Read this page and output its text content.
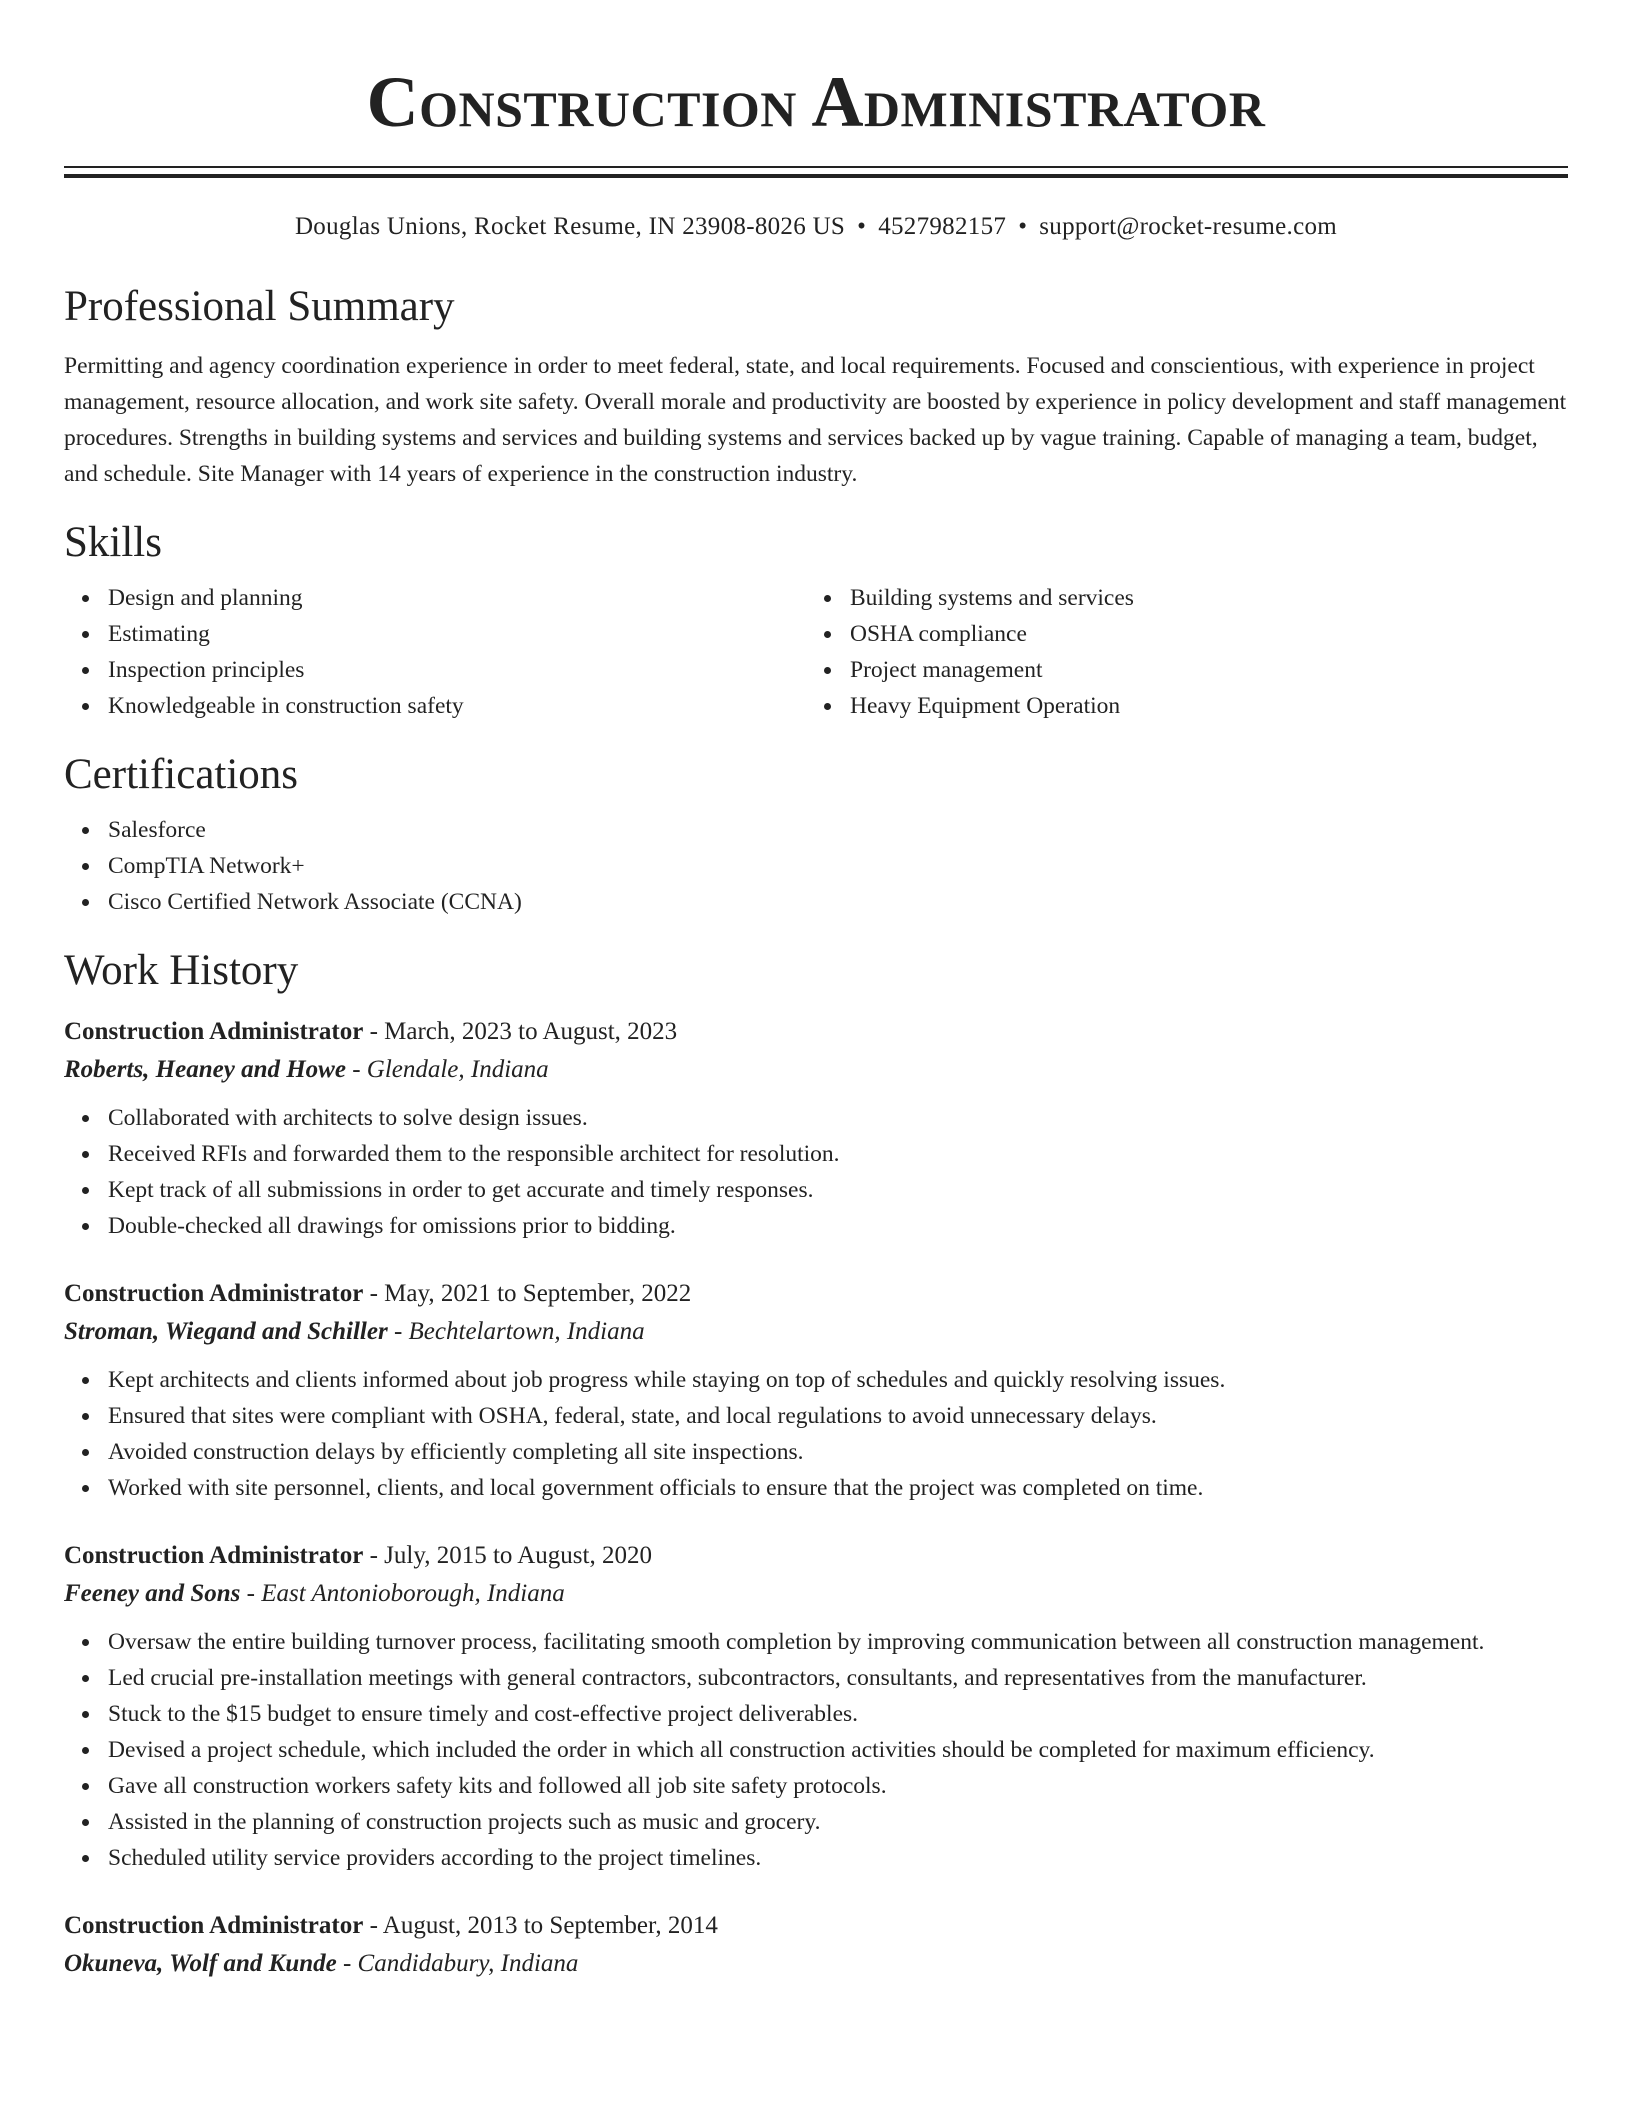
Construction Administrator
Douglas Unions, Rocket Resume, IN 23908-8026 US • 4527982157 • support@rocket-resume.com
Professional Summary
Permitting and agency coordination experience in order to meet federal, state, and local requirements. Focused and conscientious, with experience in project management, resource allocation, and work site safety. Overall morale and productivity are boosted by experience in policy development and staff management procedures. Strengths in building systems and services and building systems and services backed up by vague training. Capable of managing a team, budget, and schedule. Site Manager with 14 years of experience in the construction industry.
Skills
Design and planning
Estimating
Inspection principles
Knowledgeable in construction safety
Building systems and services
OSHA compliance
Project management
Heavy Equipment Operation
Certifications
Salesforce
CompTIA Network+
Cisco Certified Network Associate (CCNA)
Work History
Construction Administrator - March, 2023 to August, 2023
Roberts, Heaney and Howe - Glendale, Indiana
Collaborated with architects to solve design issues.
Received RFIs and forwarded them to the responsible architect for resolution.
Kept track of all submissions in order to get accurate and timely responses.
Double-checked all drawings for omissions prior to bidding.
Construction Administrator - May, 2021 to September, 2022
Stroman, Wiegand and Schiller - Bechtelartown, Indiana
Kept architects and clients informed about job progress while staying on top of schedules and quickly resolving issues.
Ensured that sites were compliant with OSHA, federal, state, and local regulations to avoid unnecessary delays.
Avoided construction delays by efficiently completing all site inspections.
Worked with site personnel, clients, and local government officials to ensure that the project was completed on time.
Construction Administrator - July, 2015 to August, 2020
Feeney and Sons - East Antonioborough, Indiana
Oversaw the entire building turnover process, facilitating smooth completion by improving communication between all construction management.
Led crucial pre-installation meetings with general contractors, subcontractors, consultants, and representatives from the manufacturer.
Stuck to the $15 budget to ensure timely and cost-effective project deliverables.
Devised a project schedule, which included the order in which all construction activities should be completed for maximum efficiency.
Gave all construction workers safety kits and followed all job site safety protocols.
Assisted in the planning of construction projects such as music and grocery.
Scheduled utility service providers according to the project timelines.
Construction Administrator - August, 2013 to September, 2014
Okuneva, Wolf and Kunde - Candidabury, Indiana
